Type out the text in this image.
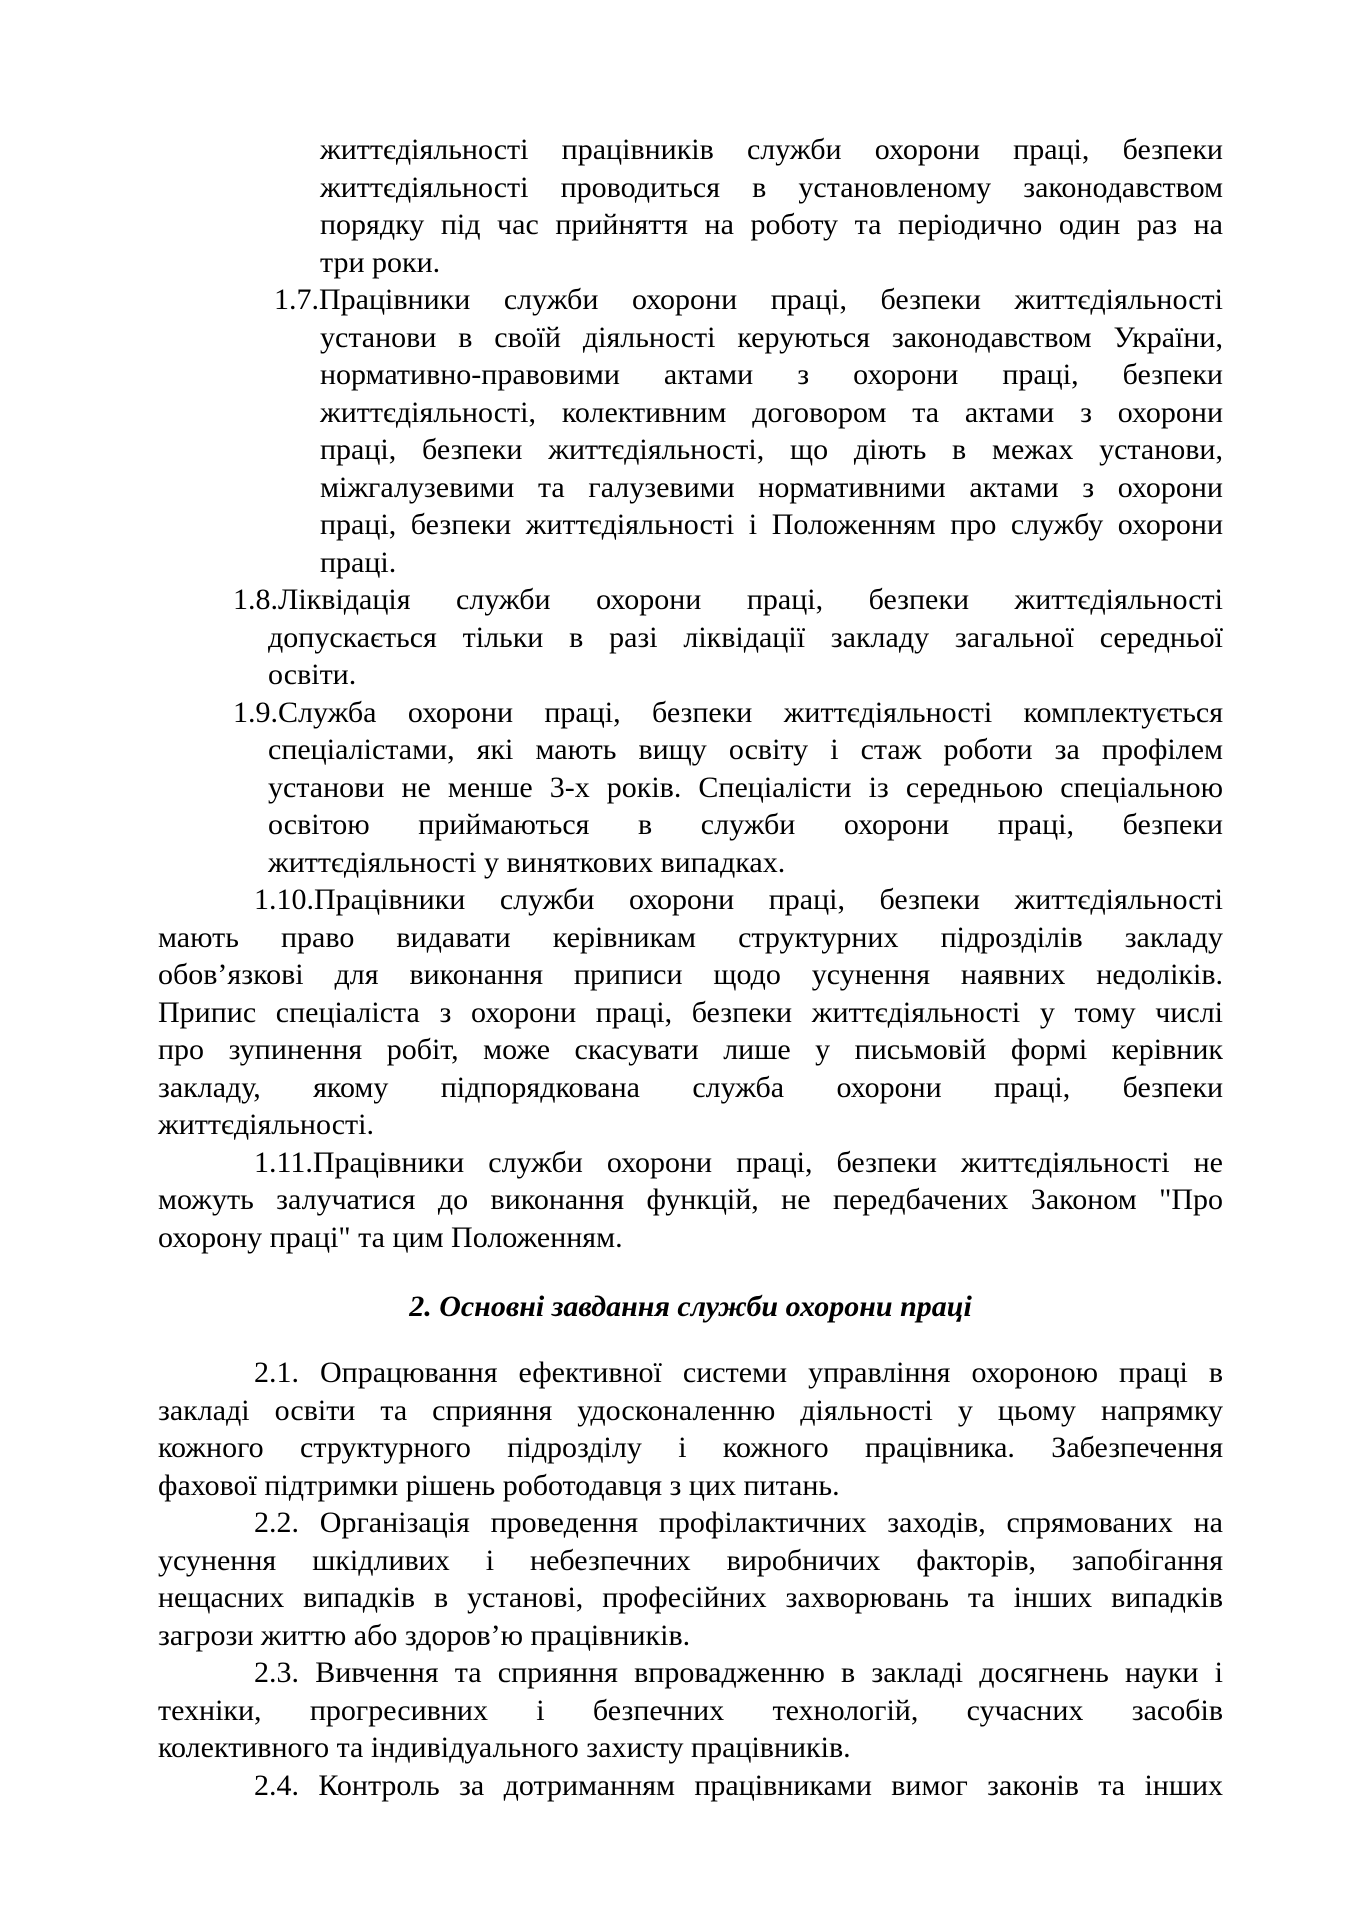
життєдіяльності працівників служби охорони праці, безпеки
життєдіяльності проводиться в установленому законодавством
порядку під час прийняття на роботу та періодично один раз на
три роки.
1.7.Працівники служби охорони праці, безпеки життєдіяльності
установи в своїй діяльності керуються законодавством України,
нормативно-правовими актами з охорони праці, безпеки
життєдіяльності, колективним договором та актами з охорони
праці, безпеки життєдіяльності, що діють в межах установи,
міжгалузевими та галузевими нормативними актами з охорони
праці, безпеки життєдіяльності і Положенням про службу охорони
праці.
1.8.Ліквідація служби охорони праці, безпеки життєдіяльності
допускається тільки в разі ліквідації закладу загальної середньої
освіти.
1.9.Служба охорони праці, безпеки життєдіяльності комплектується
спеціалістами, які мають вищу освіту і стаж роботи за профілем
установи не менше 3-х років. Спеціалісти із середньою спеціальною
освітою приймаються в служби охорони праці, безпеки
життєдіяльності у виняткових випадках.
1.10.Працівники служби охорони праці, безпеки життєдіяльності
мають право видавати керівникам структурних підрозділів закладу
обов’язкові для виконання приписи щодо усунення наявних недоліків.
Припис спеціаліста з охорони праці, безпеки життєдіяльності у тому числі
про зупинення робіт, може скасувати лише у письмовій формі керівник
закладу, якому підпорядкована служба охорони праці, безпеки
життєдіяльності.
1.11.Працівники служби охорони праці, безпеки життєдіяльності не
можуть залучатися до виконання функцій, не передбачених Законом "Про
охорону праці" та цим Положенням.
2. Основні завдання служби охорони праці
2.1. Опрацювання ефективної системи управління охороною праці в
закладі освіти та сприяння удосконаленню діяльності у цьому напрямку
кожного структурного підрозділу і кожного працівника. Забезпечення
фахової підтримки рішень роботодавця з цих питань.
2.2. Організація проведення профілактичних заходів, спрямованих на
усунення шкідливих і небезпечних виробничих факторів, запобігання
нещасних випадків в установі, професійних захворювань та інших випадків
загрози життю або здоров’ю працівників.
2.3. Вивчення та сприяння впровадженню в закладі досягнень науки і
техніки, прогресивних і безпечних технологій, сучасних засобів
колективного та індивідуального захисту працівників.
2.4. Контроль за дотриманням працівниками вимог законів та інших
